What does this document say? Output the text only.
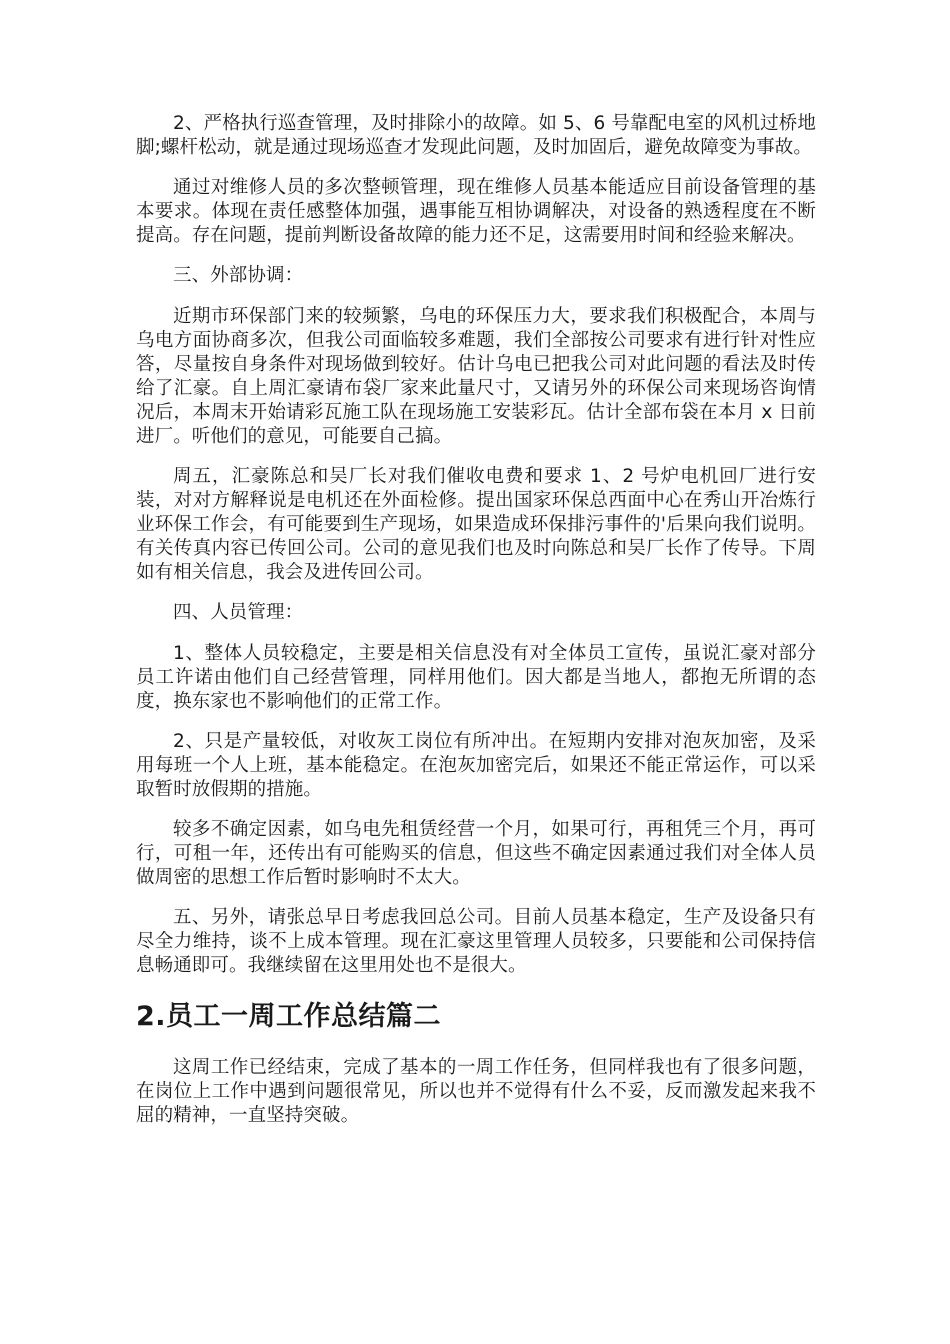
2、严格执行巡查管理，及时排除小的故障。如 5、6 号靠配电室的风机过桥地脚;螺杆松动，就是通过现场巡查才发现此问题，及时加固后，避免故障变为事故。

通过对维修人员的多次整顿管理，现在维修人员基本能适应目前设备管理的基本要求。体现在责任感整体加强，遇事能互相协调解决，对设备的熟透程度在不断提高。存在问题，提前判断设备故障的能力还不足，这需要用时间和经验来解决。

三、外部协调：

近期市环保部门来的较频繁，乌电的环保压力大，要求我们积极配合，本周与乌电方面协商多次，但我公司面临较多难题，我们全部按公司要求有进行针对性应答，尽量按自身条件对现场做到较好。估计乌电已把我公司对此问题的看法及时传给了汇豪。自上周汇豪请布袋厂家来此量尺寸，又请另外的环保公司来现场咨询情况后，本周末开始请彩瓦施工队在现场施工安装彩瓦。估计全部布袋在本月 x 日前进厂。听他们的意见，可能要自己搞。

周五，汇豪陈总和吴厂长对我们催收电费和要求 1、2 号炉电机回厂进行安装，对对方解释说是电机还在外面检修。提出国家环保总西面中心在秀山开冶炼行业环保工作会，有可能要到生产现场，如果造成环保排污事件的'后果向我们说明。有关传真内容已传回公司。公司的意见我们也及时向陈总和吴厂长作了传导。下周如有相关信息，我会及进传回公司。

四、人员管理：

1、整体人员较稳定，主要是相关信息没有对全体员工宣传，虽说汇豪对部分员工许诺由他们自己经营管理，同样用他们。因大都是当地人，都抱无所谓的态度，换东家也不影响他们的正常工作。

2、只是产量较低，对收灰工岗位有所冲出。在短期内安排对泡灰加密，及采用每班一个人上班，基本能稳定。在泡灰加密完后，如果还不能正常运作，可以采取暂时放假期的措施。

较多不确定因素，如乌电先租赁经营一个月，如果可行，再租凭三个月，再可行，可租一年，还传出有可能购买的信息，但这些不确定因素通过我们对全体人员做周密的思想工作后暂时影响时不太大。

五、另外，请张总早日考虑我回总公司。目前人员基本稳定，生产及设备只有尽全力维持，谈不上成本管理。现在汇豪这里管理人员较多，只要能和公司保持信息畅通即可。我继续留在这里用处也不是很大。

2.员工一周工作总结篇二

这周工作已经结束，完成了基本的一周工作任务，但同样我也有了很多问题，在岗位上工作中遇到问题很常见，所以也并不觉得有什么不妥，反而激发起来我不屈的精神，一直坚持突破。
